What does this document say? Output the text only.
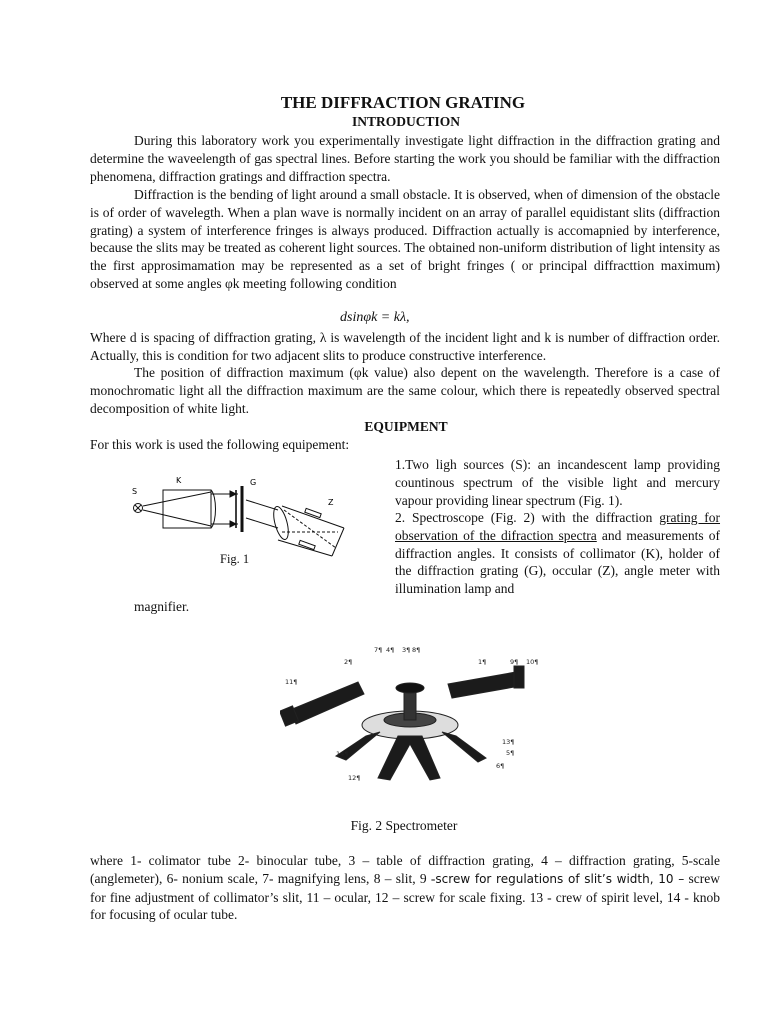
THE DIFFRACTION GRATING
INTRODUCTION

During this laboratory work you experimentally investigate light diffraction in the diffraction grating and determine the waveelength of gas spectral lines. Before starting the work you should be familiar with the diffraction phenomena, diffraction gratings and diffraction spectra.

Diffraction is the bending of light around a small obstacle. It is observed, when of dimension of the obstacle is of order of wavelegth. When a plan wave is normally incident on an array of parallel equidistant slits (diffraction grating) a system of interference fringes is always produced. Diffraction actually is accomapnied by interference, because the slits may be treated as coherent light sources. The obtained non-uniform distribution of light intensity as the first approsimamation may be represented as a set of bright fringes ( or principal diffracttion maximum) observed at some angles φk meeting following condition

dsinφk = kλ,

Where d is spacing of diffraction grating, λ is wavelength of the incident light and k is number of diffraction order. Actually, this is condition for two adjacent slits to produce constructive interference.

The position of diffraction maximum (φk value) also depent on the wavelength. Therefore is a case of monochromatic light all the diffraction maximum are the same colour, which there is repeatedly observed spectral decomposition of white light.

EQUIPMENT

For this work is used the following equipement:

1.Two ligh sources (S): an incandescent lamp providing countinous spectrum of the visible light and mercury vapour providing linear spectrum (Fig. 1).

2. Spectroscope (Fig. 2) with the diffraction grating for observation of the difraction spectra and measurements of diffraction angles. It consists of collimator (K), holder of the diffraction grating (G), occular (Z), angle meter with illumination lamp and

magnifier.

S
K	G
Z
Fig. 1
7¶ 4¶ 3¶ 8¶
2¶	1¶	9¶ 10¶
11¶
13¶
5¶
6¶
14¶
12¶
Fig. 2 Spectrometer

where 1- colimator tube 2- binocular tube, 3 – table of diffraction grating, 4 – diffraction grating, 5-scale (anglemeter), 6- nonium scale, 7- magnifying lens, 8 – slit, 9 -screw for regulations of slit’s width, 10 – screw for fine adjustment of collimator’s slit, 11 – ocular, 12 – screw for scale fixing. 13 - crew of spirit level, 14 - knob for focusing of ocular tube.
